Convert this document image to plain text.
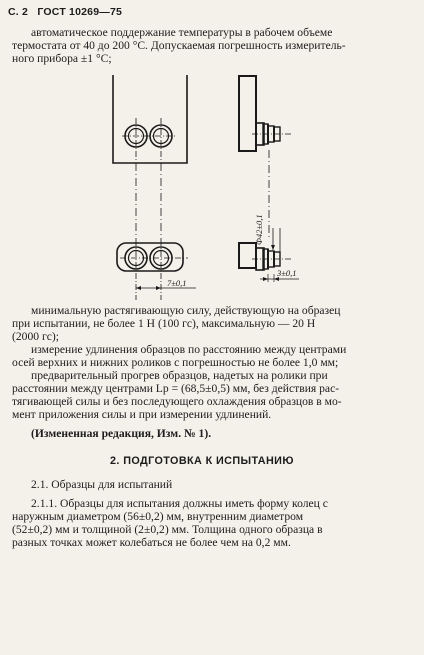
С. 2 ГОСТ 10269—75

автоматическое поддержание температуры в рабочем объеме

термостата от 40 до 200 °С. Допускаемая погрешность измеритель-

ного прибора ±1 °С;

Ф42±0,1
3±0,1
7±0,1

минимальную растягивающую силу, действующую на образец

при испытании, не более 1 Н (100 гс), максимальную — 20 Н

(2000 гс);

измерение удлинения образцов по расстоянию между центрами

осей верхних и нижних роликов с погрешностью не более 1,0 мм;

предварительный прогрев образцов, надетых на ролики при

расстоянии между центрами Lр = (68,5±0,5) мм, без действия рас-

тягивающей силы и без последующего охлаждения образцов в мо-

мент приложения силы и при измерении удлинений.

(Измененная редакция, Изм. № 1).

2. ПОДГОТОВКА К ИСПЫТАНИЮ

2.1. Образцы для испытаний

2.1.1. Образцы для испытания должны иметь форму колец с

наружным диаметром (56±0,2) мм, внутренним диаметром

(52±0,2) мм и толщиной (2±0,2) мм. Толщина одного образца в

разных точках может колебаться не более чем на 0,2 мм.
